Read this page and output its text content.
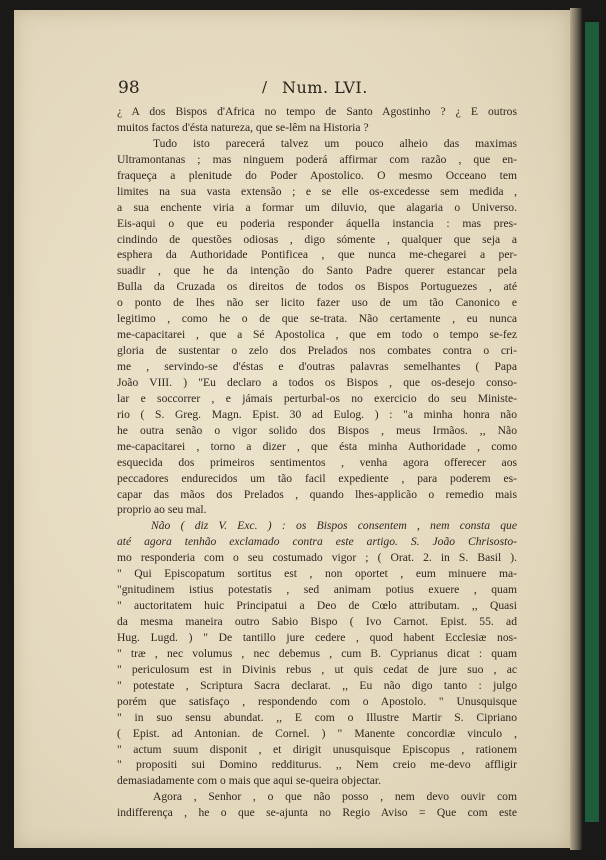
98	/ Num. LVI.
¿ A dos Bispos d'Africa no tempo de Santo Agostinho ? ¿ E outros
muitos factos d'ésta natureza, que se-lêm na Historia ?
Tudo isto parecerá talvez um pouco alheio das maximas
Ultramontanas ; mas ninguem poderá affirmar com razão , que en-
fraqueça a plenitude do Poder Apostolico. O mesmo Occeano tem
limites na sua vasta extensão ; e se elle os-excedesse sem medida ,
a sua enchente viria a formar um diluvio, que alagaria o Universo.
Eis-aqui o que eu poderia responder áquella instancia : mas pres-
cindindo de questões odiosas , digo sómente , qualquer que seja a
esphera da Authoridade Pontificea , que nunca me-chegarei a per-
suadir , que he da intenção do Santo Padre querer estancar pela
Bulla da Cruzada os direitos de todos os Bispos Portuguezes , até
o ponto de lhes não ser licito fazer uso de um tão Canonico e
legitimo , como he o de que se-trata. Não certamente , eu nunca
me-capacitarei , que a Sé Apostolica , que em todo o tempo se-fez
gloria de sustentar o zelo dos Prelados nos combates contra o cri-
me , servindo-se d'éstas e d'outras palavras semelhantes ( Papa
João VIII. ) "Eu declaro a todos os Bispos , que os-desejo conso-
lar e soccorrer , e jámais perturbal-os no exercicio do seu Ministe-
rio ( S. Greg. Magn. Epist. 30 ad Eulog. ) : "a minha honra não
he outra senão o vigor solido dos Bispos , meus Irmãos. ,, Não
me-capacitarei , torno a dizer , que ésta minha Authoridade , como
esquecida dos primeiros sentimentos , venha agora offerecer aos
peccadores endurecidos um tão facil expediente , para poderem es-
capar das mãos dos Prelados , quando lhes-applicão o remedio mais
proprio ao seu mal.
Não ( diz V. Exc. ) : os Bispos consentem , nem consta que
até agora tenhão exclamado contra este artigo. S. João Chrisosto-
mo responderia com o seu costumado vigor ; ( Orat. 2. in S. Basil ).
" Qui Episcopatum sortitus est , non oportet , eum minuere ma-
"gnitudinem istius potestatis , sed animam potius exuere , quam
" auctoritatem huic Principatui a Deo de Cœlo attributam. ,, Quasi
da mesma maneira outro Sabio Bispo ( Ivo Carnot. Epist. 55. ad
Hug. Lugd. ) " De tantillo jure cedere , quod habent Ecclesiæ nos-
" træ , nec volumus , nec debemus , cum B. Cyprianus dicat : quam
" periculosum est in Divinis rebus , ut quis cedat de jure suo , ac
" potestate , Scriptura Sacra declarat. ,, Eu não digo tanto : julgo
porém que satisfaço , respondendo com o Apostolo. " Unusquisque
" in suo sensu abundat. ,, E com o Illustre Martir S. Cipriano
( Epist. ad Antonian. de Cornel. ) " Manente concordiæ vinculo ,
" actum suum disponit , et dirigit unusquisque Episcopus , rationem
" propositi sui Domino redditurus. ,, Nem creio me-devo affligir
demasiadamente com o mais que aqui se-queira objectar.
Agora , Senhor , o que não posso , nem devo ouvir com
indifferença , he o que se-ajunta no Regio Aviso = Que com este
